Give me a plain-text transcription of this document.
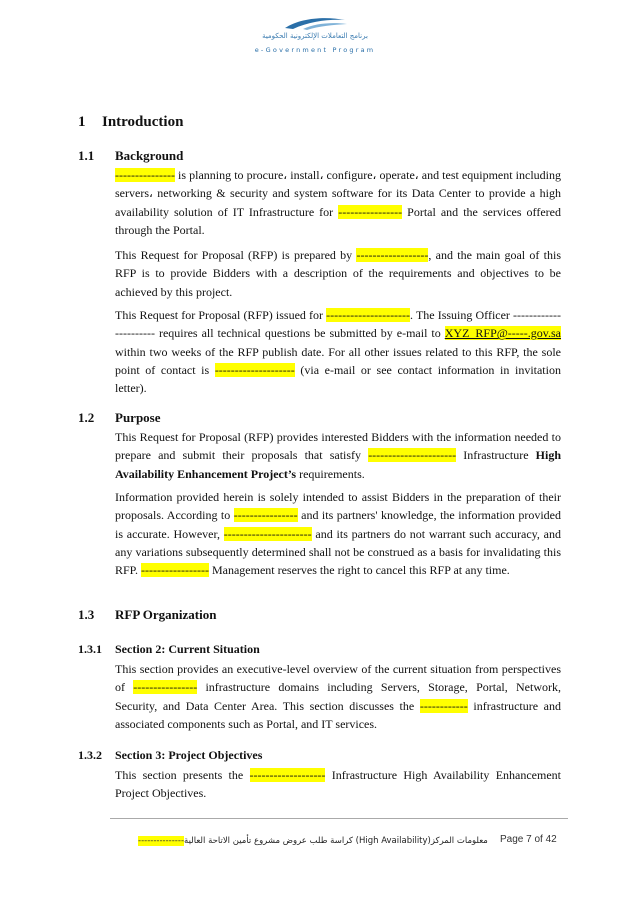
برنامج التعاملات الإلكترونية الحكومية
e-Government Program
1 Introduction
1.1 Background
--------------- is planning to procure، install، configure، operate، and test equipment including servers، networking & security and system software for its Data Center to provide a high availability solution of IT Infrastructure for ---------------- Portal and the services offered through the Portal.
This Request for Proposal (RFP) is prepared by ------------------, and the main goal of this RFP is to provide Bidders with a description of the requirements and objectives to be achieved by this project.
This Request for Proposal (RFP) issued for ---------------------. The Issuing Officer ---------------------- requires all technical questions be submitted by e-mail to XYZ_RFP@-----.gov.sa within two weeks of the RFP publish date. For all other issues related to this RFP, the sole point of contact is -------------------- (via e-mail or see contact information in invitation letter).
1.2 Purpose
This Request for Proposal (RFP) provides interested Bidders with the information needed to prepare and submit their proposals that satisfy ---------------------- Infrastructure High Availability Enhancement Project’s requirements.
Information provided herein is solely intended to assist Bidders in the preparation of their proposals. According to ---------------- and its partners' knowledge, the information provided is accurate. However, ---------------------- and its partners do not warrant such accuracy, and any variations subsequently determined shall not be construed as a basis for invalidating this RFP. ----------------- Management reserves the right to cancel this RFP at any time.
1.3 RFP Organization
1.3.1 Section 2: Current Situation
This section provides an executive-level overview of the current situation from perspectives of ---------------- infrastructure domains including Servers, Storage, Portal, Network, Security, and Data Center Area. This section discusses the ------------ infrastructure and associated components such as Portal, and IT services.
1.3.2 Section 3: Project Objectives
This section presents the ------------------- Infrastructure High Availability Enhancement Project Objectives.
--------------- معلومات المركز(High Availability) كراسة طلب عروض مشروع تأمين الاتاحة العالية Page 7 of 42
